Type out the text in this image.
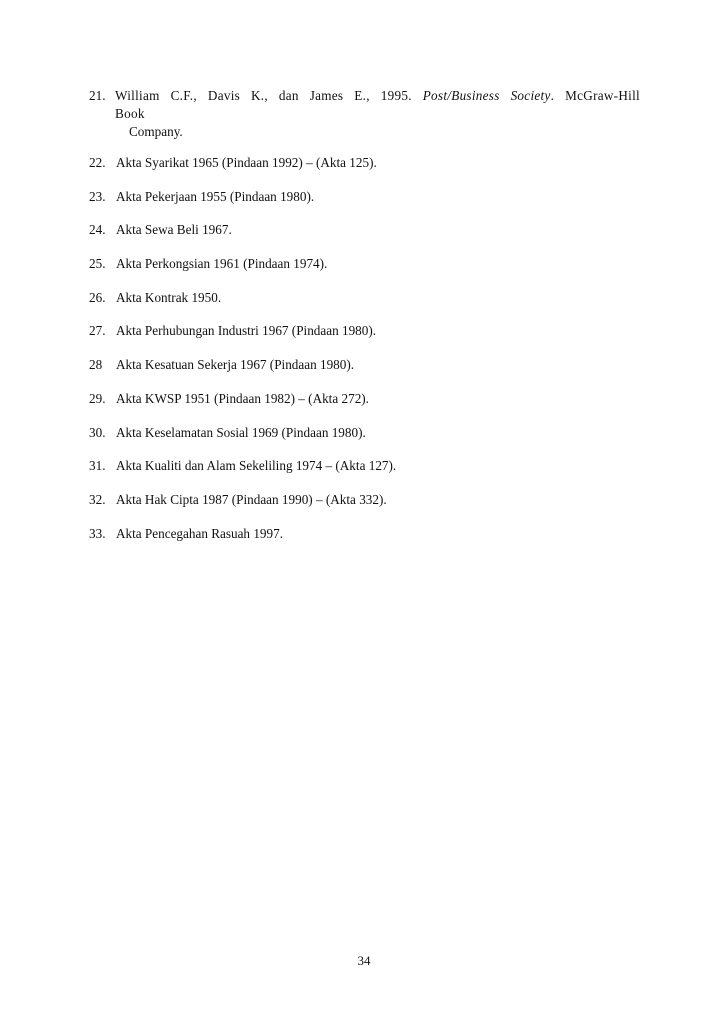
21. William C.F., Davis K., dan James E., 1995. Post/Business Society. McGraw-Hill Book
Company.
22. Akta Syarikat 1965 (Pindaan 1992) – (Akta 125).
23. Akta Pekerjaan 1955 (Pindaan 1980).
24. Akta Sewa Beli 1967.
25. Akta Perkongsian 1961 (Pindaan 1974).
26. Akta Kontrak 1950.
27. Akta Perhubungan Industri 1967 (Pindaan 1980).
28	Akta Kesatuan Sekerja 1967 (Pindaan 1980).
29. Akta KWSP 1951 (Pindaan 1982) – (Akta 272).
30. Akta Keselamatan Sosial 1969 (Pindaan 1980).
31. Akta Kualiti dan Alam Sekeliling 1974 – (Akta 127).
32. Akta Hak Cipta 1987 (Pindaan 1990) – (Akta 332).
33. Akta Pencegahan Rasuah 1997.
34
